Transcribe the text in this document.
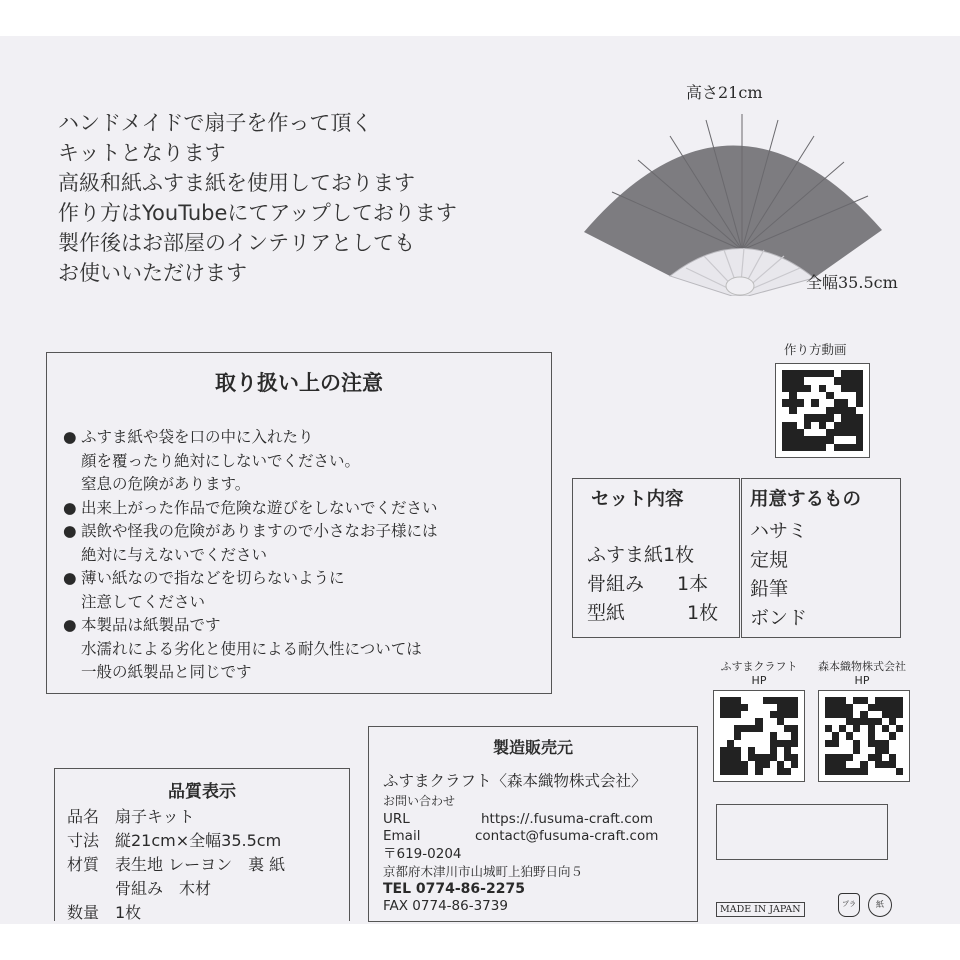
ハンドメイドで扇子を作って頂く
キットとなります
高級和紙ふすま紙を使用しております
作り方はYouTubeにてアップしております
製作後はお部屋のインテリアとしても
お使いいただけます
高さ21cm
全幅35.5cm
作り方動画
取り扱い上の注意
● ふすま紙や袋を口の中に入れたり
顔を覆ったり絶対にしないでください。
窒息の危険があります。
● 出来上がった作品で危険な遊びをしないでください
● 誤飲や怪我の危険がありますので小さなお子様には
絶対に与えないでください
● 薄い紙なので指などを切らないように
注意してください
● 本製品は紙製品です
水濡れによる劣化と使用による耐久性については
一般の紙製品と同じです
セット内容
ふすま紙1枚
骨組み 1本
型紙	1枚
用意するもの
ハサミ
定規
鉛筆
ボンド
ふすまクラフト
HP
森本織物株式会社
HP
MADE IN JAPAN	プラ	紙
品質表示
品名 扇子キット
寸法 縦21cm×全幅35.5cm
材質 表生地 レーヨン　裏 紙
骨組み　木材
数量 1枚
製造販売元
ふすまクラフト〈森本織物株式会社〉
お問い合わせ
URL	https://.fusuma-craft.com
Email	contact@fusuma-craft.com
〒619-0204
京都府木津川市山城町上狛野日向５
TEL 0774-86-2275
FAX 0774-86-3739
